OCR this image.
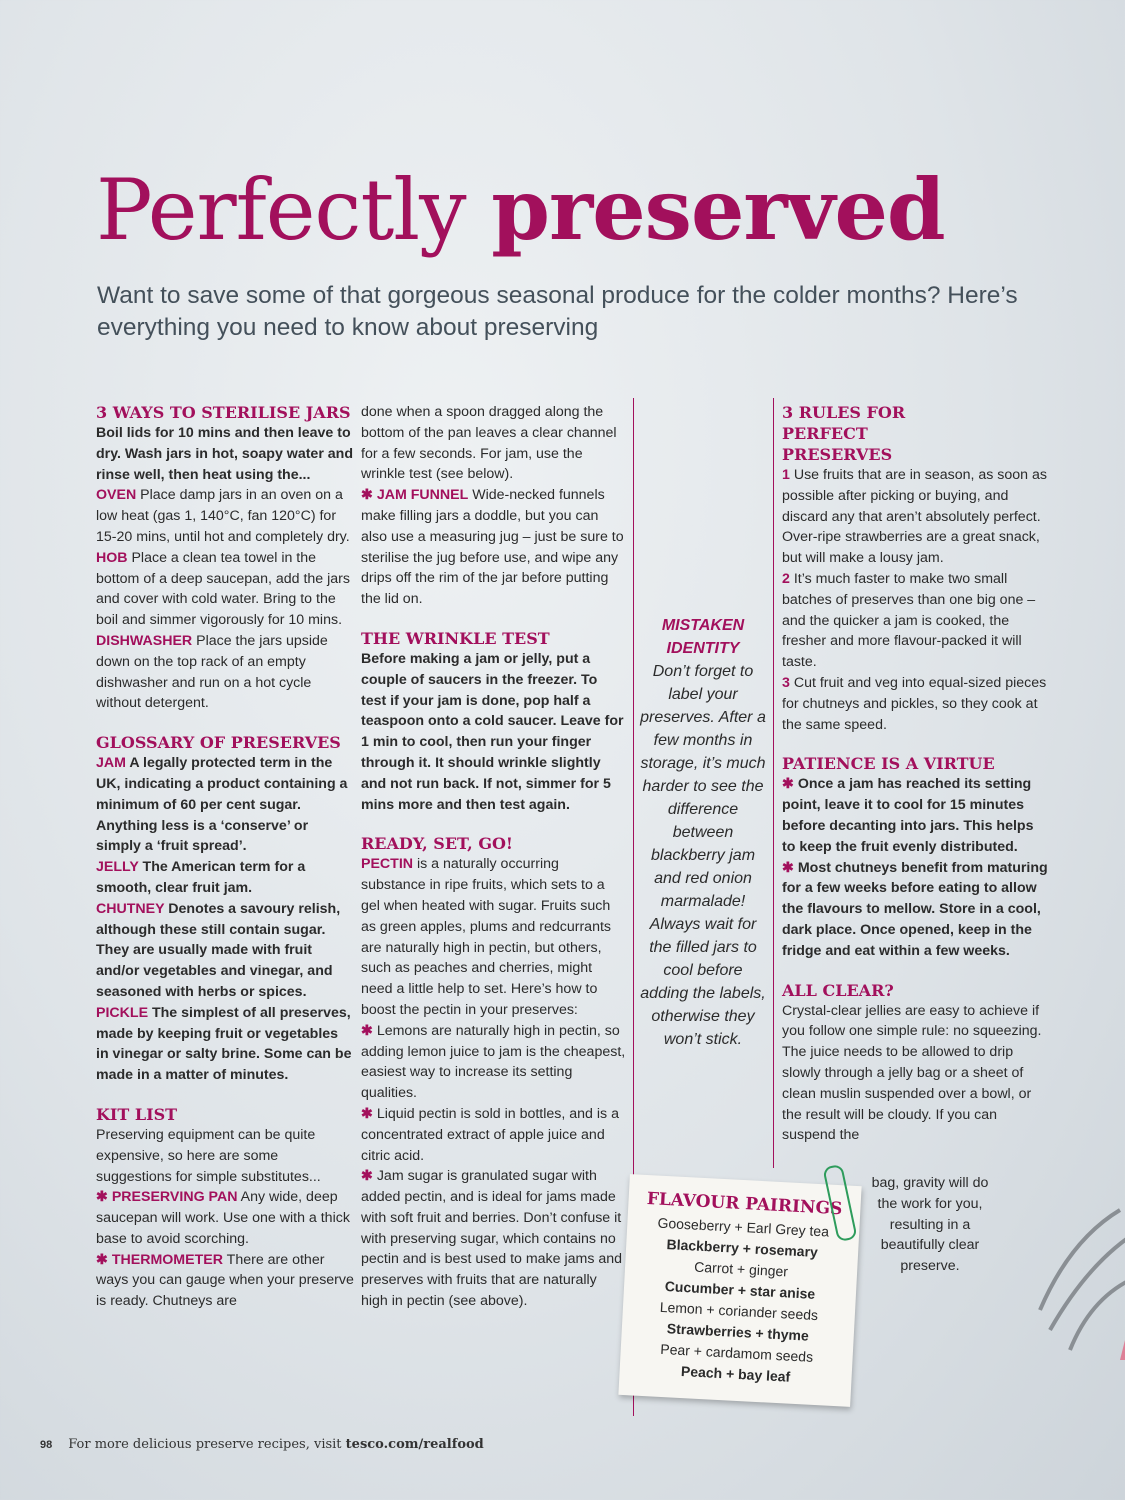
Perfectly preserved
Want to save some of that gorgeous seasonal produce for the colder months? Here’s everything you need to know about preserving
3 WAYS TO STERILISE JARS

Boil lids for 10 mins and then leave to dry. Wash jars in hot, soapy water and rinse well, then heat using the...

OVEN Place damp jars in an oven on a low heat (gas 1, 140°C, fan 120°C) for 15-20 mins, until hot and completely dry.

HOB Place a clean tea towel in the bottom of a deep saucepan, add the jars and cover with cold water. Bring to the boil and simmer vigorously for 10 mins.

DISHWASHER Place the jars upside down on the top rack of an empty dishwasher and run on a hot cycle without detergent.

GLOSSARY OF PRESERVES

JAM A legally protected term in the UK, indicating a product containing a minimum of 60 per cent sugar. Anything less is a ‘conserve’ or simply a ‘fruit spread’.

JELLY The American term for a smooth, clear fruit jam.

CHUTNEY Denotes a savoury relish, although these still contain sugar. They are usually made with fruit and/or vegetables and vinegar, and seasoned with herbs or spices.

PICKLE The simplest of all preserves, made by keeping fruit or vegetables in vinegar or salty brine. Some can be made in a matter of minutes.

KIT LIST

Preserving equipment can be quite expensive, so here are some suggestions for simple substitutes...

✱ PRESERVING PAN Any wide, deep saucepan will work. Use one with a thick base to avoid scorching.

✱ THERMOMETER There are other ways you can gauge when your preserve is ready. Chutneys are

done when a spoon dragged along the bottom of the pan leaves a clear channel for a few seconds. For jam, use the wrinkle test (see below).

✱ JAM FUNNEL Wide-necked funnels make filling jars a doddle, but you can also use a measuring jug – just be sure to sterilise the jug before use, and wipe any drips off the rim of the jar before putting the lid on.

THE WRINKLE TEST

Before making a jam or jelly, put a couple of saucers in the freezer. To test if your jam is done, pop half a teaspoon onto a cold saucer. Leave for 1 min to cool, then run your finger through it. It should wrinkle slightly and not run back. If not, simmer for 5 mins more and then test again.

READY, SET, GO!

PECTIN is a naturally occurring substance in ripe fruits, which sets to a gel when heated with sugar. Fruits such as green apples, plums and redcurrants are naturally high in pectin, but others, such as peaches and cherries, might need a little help to set. Here’s how to boost the pectin in your preserves:

✱ Lemons are naturally high in pectin, so adding lemon juice to jam is the cheapest, easiest way to increase its setting qualities.

✱ Liquid pectin is sold in bottles, and is a concentrated extract of apple juice and citric acid.

✱ Jam sugar is granulated sugar with added pectin, and is ideal for jams made with soft fruit and berries. Don’t confuse it with preserving sugar, which contains no pectin and is best used to make jams and preserves with fruits that are naturally high in pectin (see above).

MISTAKEN IDENTITY
Don’t forget to label your preserves. After a few months in storage, it’s much harder to see the difference between blackberry jam and red onion marmalade! Always wait for the filled jars to cool before adding the labels, otherwise they won’t stick.
3 RULES FOR PERFECT PRESERVES

1 Use fruits that are in season, as soon as possible after picking or buying, and discard any that aren’t absolutely perfect. Over-ripe strawberries are a great snack, but will make a lousy jam.

2 It’s much faster to make two small batches of preserves than one big one – and the quicker a jam is cooked, the fresher and more flavour-packed it will taste.

3 Cut fruit and veg into equal-sized pieces for chutneys and pickles, so they cook at the same speed.

PATIENCE IS A VIRTUE

✱ Once a jam has reached its setting point, leave it to cool for 15 minutes before decanting into jars. This helps to keep the fruit evenly distributed.

✱ Most chutneys benefit from maturing for a few weeks before eating to allow the flavours to mellow. Store in a cool, dark place. Once opened, keep in the fridge and eat within a few weeks.

ALL CLEAR?

Crystal-clear jellies are easy to achieve if you follow one simple rule: no squeezing. The juice needs to be allowed to drip slowly through a jelly bag or a sheet of clean muslin suspended over a bowl, or the result will be cloudy. If you can suspend the

bag, gravity will do the work for you, resulting in a beautifully clear preserve.
FLAVOUR PAIRINGS
Gooseberry + Earl Grey tea
Blackberry + rosemary
Carrot + ginger
Cucumber + star anise
Lemon + coriander seeds
Strawberries + thyme
Pear + cardamom seeds
Peach + bay leaf
98 For more delicious preserve recipes, visit tesco.com/realfood
